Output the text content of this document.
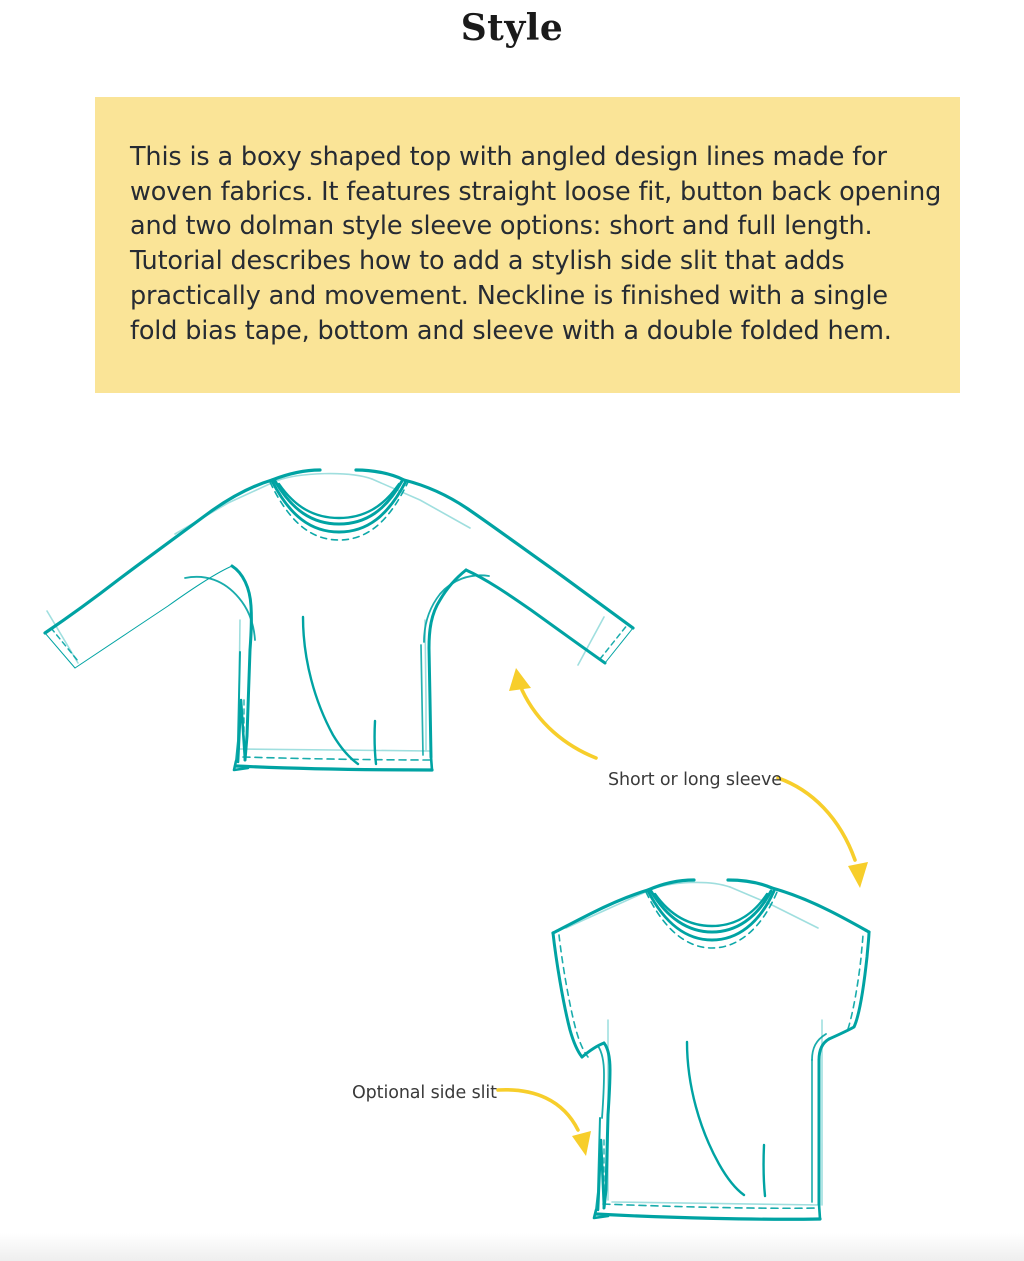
Style
This is a boxy shaped top with angled design lines made for woven fabrics. It features straight loose fit, button back opening and two dolman style sleeve options: short and full length. Tutorial describes how to add a stylish side slit that adds practically and movement. Neckline is finished with a single fold bias tape, bottom and sleeve with a double folded hem.
Short or long sleeve
Optional side slit
